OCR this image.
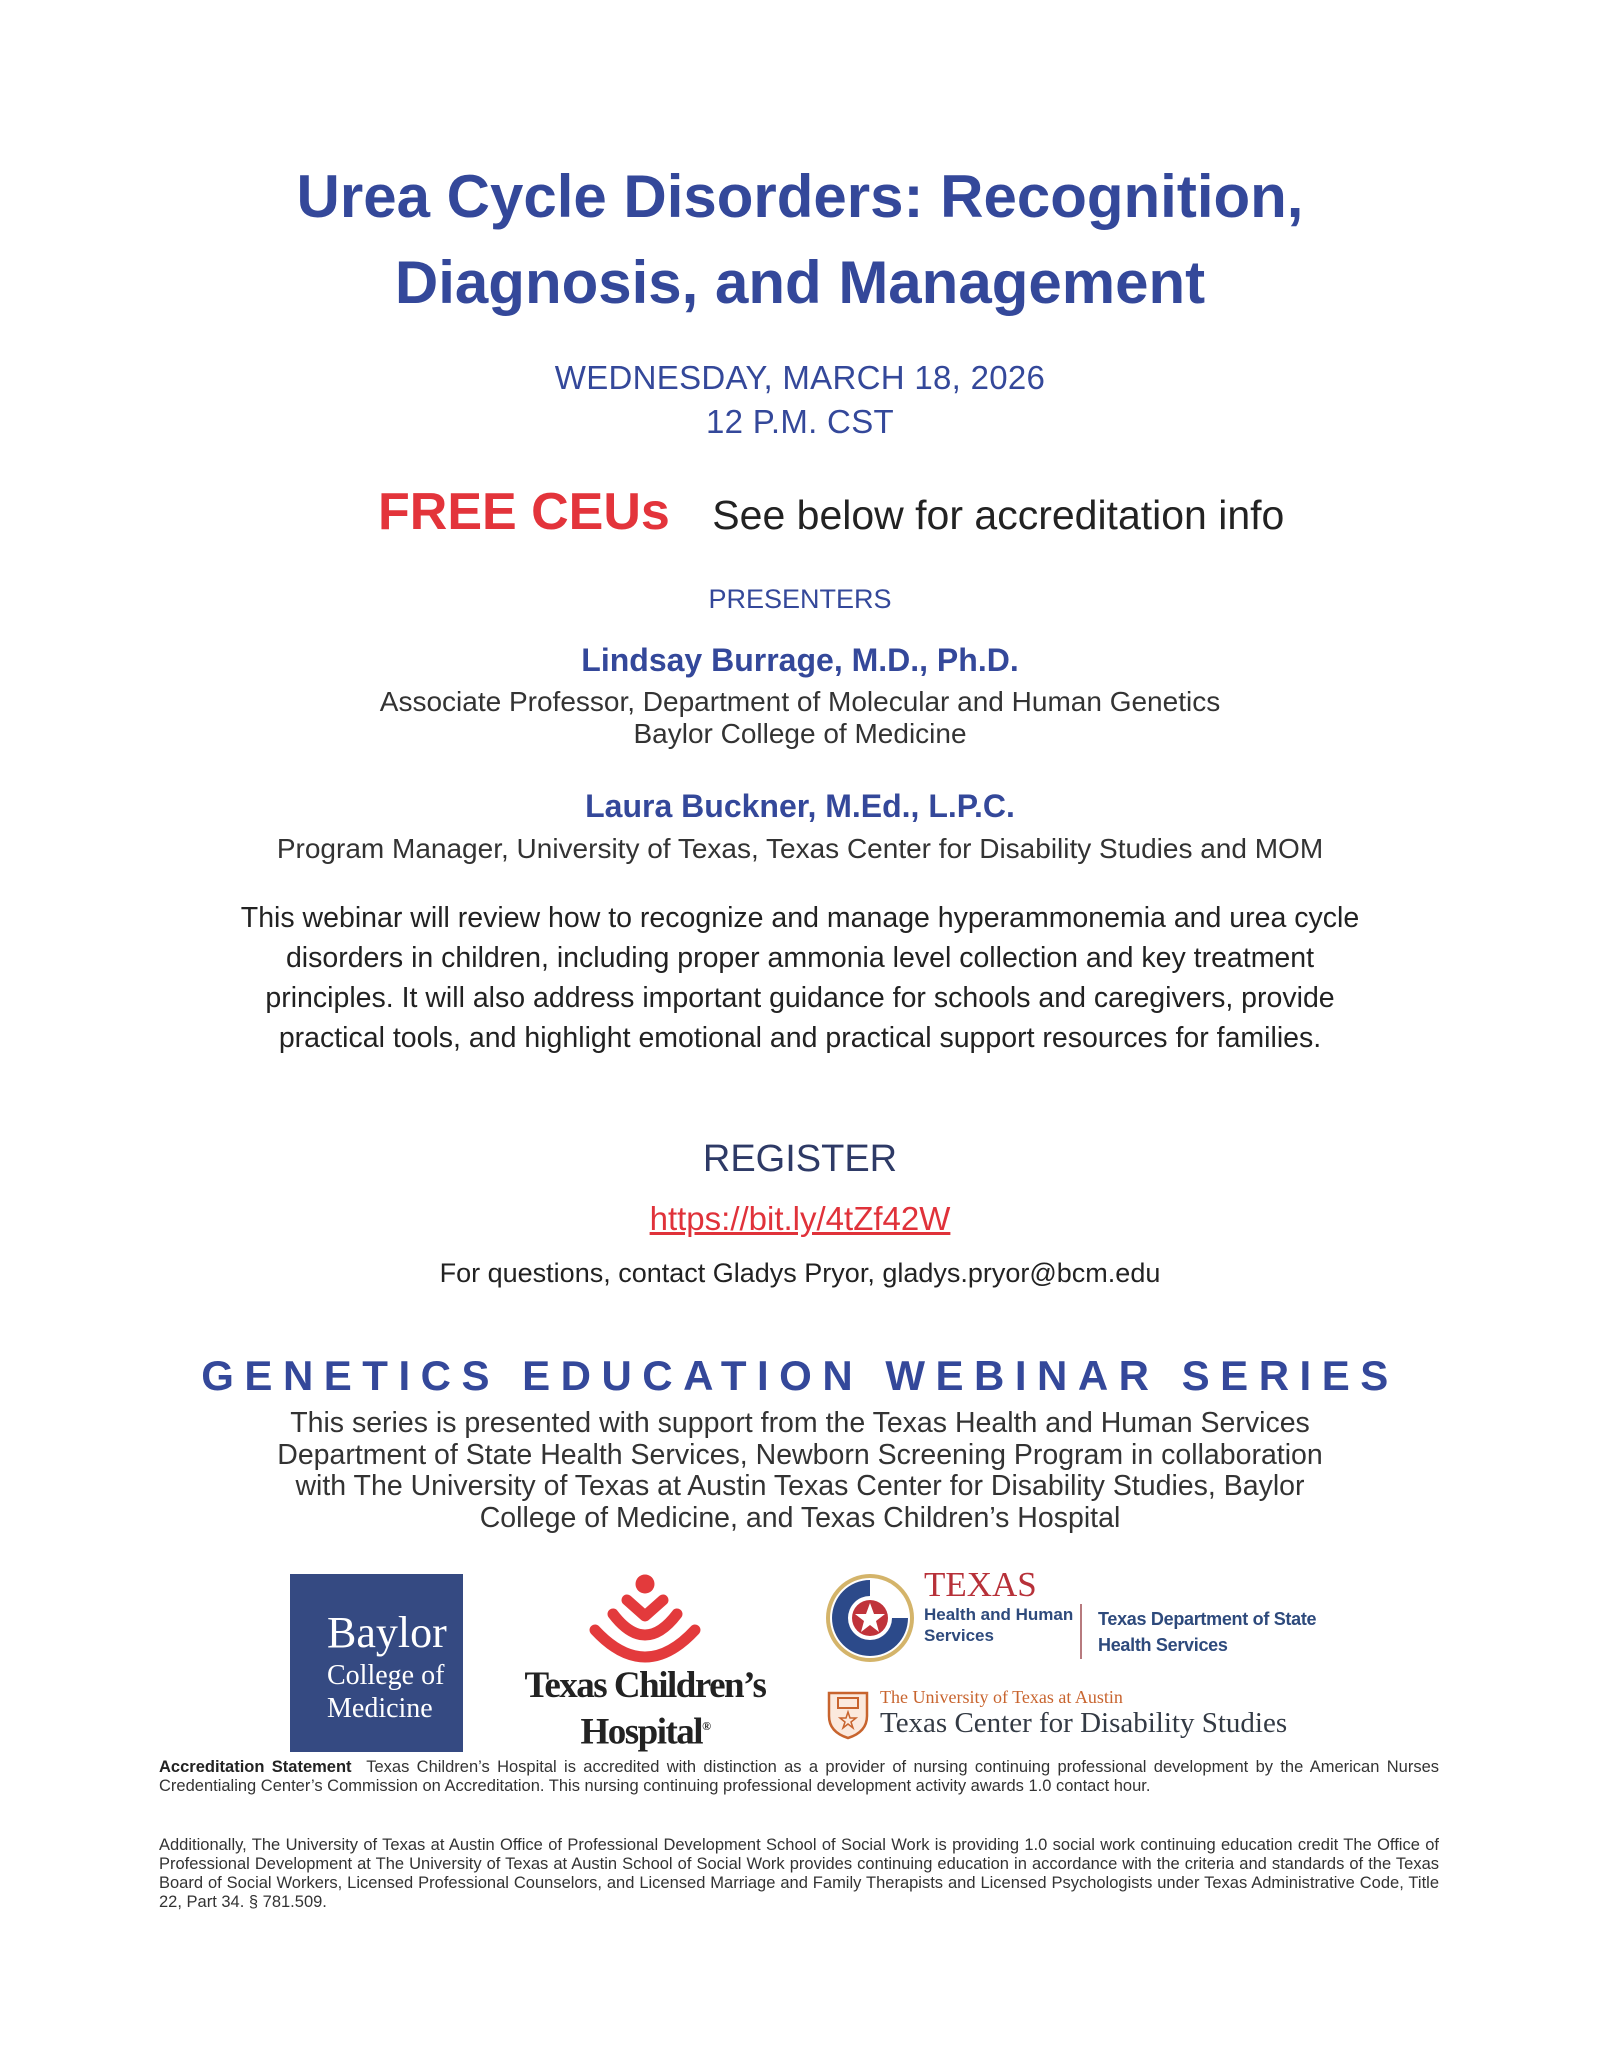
Urea Cycle Disorders: Recognition,
Diagnosis, and Management
WEDNESDAY, MARCH 18, 2026
12 P.M. CST
FREE CEUs See below for accreditation info
PRESENTERS
Lindsay Burrage, M.D., Ph.D.
Associate Professor, Department of Molecular and Human Genetics
Baylor College of Medicine
Laura Buckner, M.Ed., L.P.C.
Program Manager, University of Texas, Texas Center for Disability Studies and MOM
This webinar will review how to recognize and manage hyperammonemia and urea cycle
disorders in children, including proper ammonia level collection and key treatment
principles. It will also address important guidance for schools and caregivers, provide
practical tools, and highlight emotional and practical support resources for families.
REGISTER
https://bit.ly/4tZf42W
For questions, contact Gladys Pryor, gladys.pryor@bcm.edu
GENETICS EDUCATION WEBINAR SERIES
This series is presented with support from the Texas Health and Human Services
Department of State Health Services, Newborn Screening Program in collaboration
with The University of Texas at Austin Texas Center for Disability Studies, Baylor
College of Medicine, and Texas Children’s Hospital
Baylor
College of
Medicine
Texas Children’s
Hospital®
TEXAS
Health and Human
Services
Texas Department of State
Health Services
The University of Texas at Austin
Texas Center for Disability Studies
Accreditation Statement Texas Children’s Hospital is accredited with distinction as a provider of nursing continuing professional development by the American Nurses Credentialing Center’s Commission on Accreditation. This nursing continuing professional development activity awards 1.0 contact hour.
Additionally, The University of Texas at Austin Office of Professional Development School of Social Work is providing 1.0 social work continuing education credit The Office of Professional Development at The University of Texas at Austin School of Social Work provides continuing education in accordance with the criteria and standards of the Texas Board of Social Workers, Licensed Professional Counselors, and Licensed Marriage and Family Therapists and Licensed Psychologists under Texas Administrative Code, Title 22, Part 34. § 781.509.
